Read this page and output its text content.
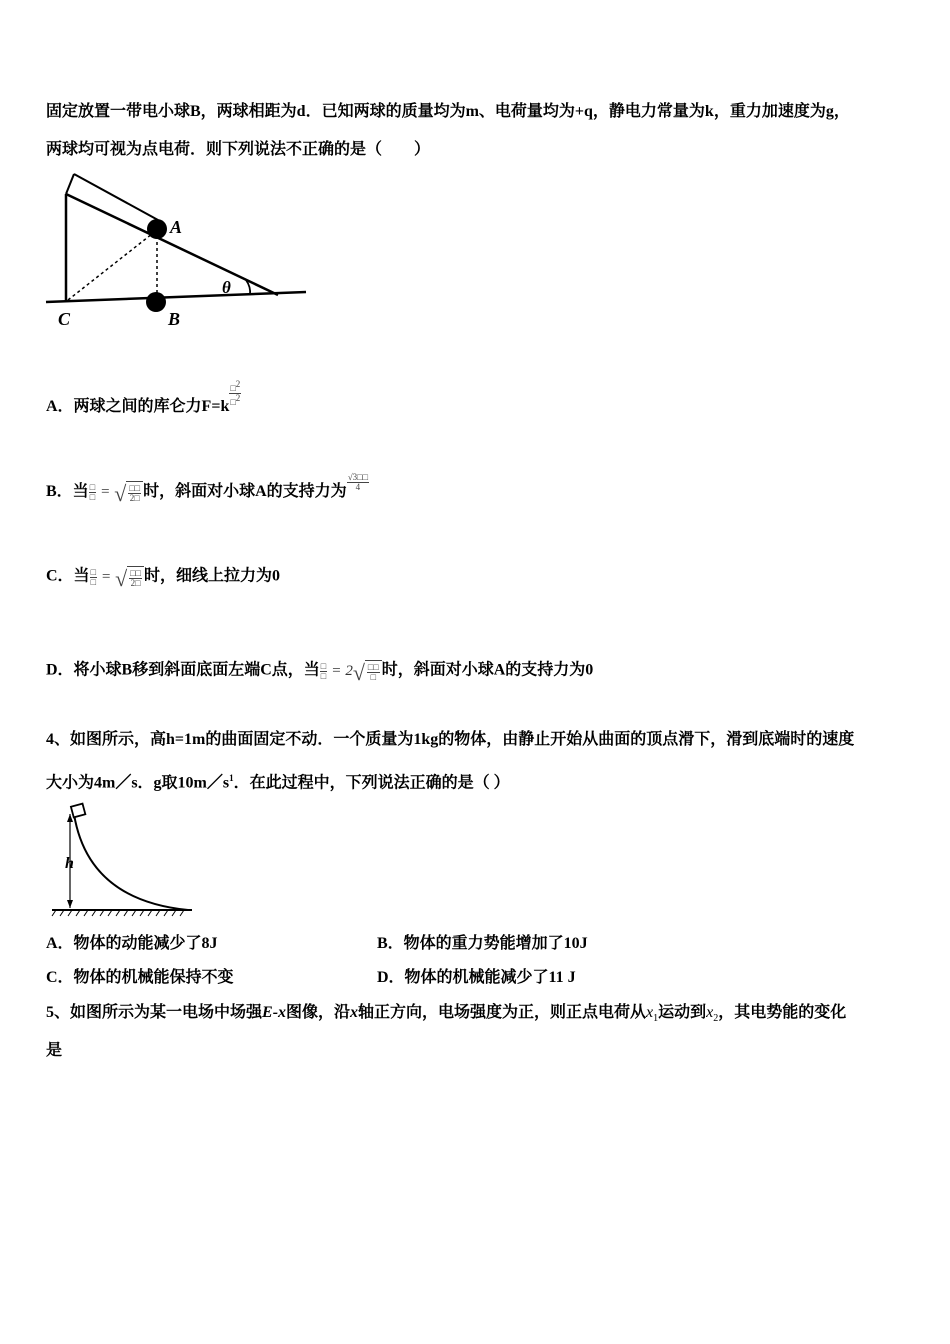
固定放置一带电小球B，两球相距为d．已知两球的质量均为m、电荷量均为+q，静电力常量为k，重力加速度为g，
两球均可视为点电荷．则下列说法不正确的是（　　）
A
B
C
θ
A．两球之间的库仑力$F=k \frac{□^2}{□^2}$
B．当 $\frac{□}{□}$ = √ $\frac{□□}{2□}$ 时，斜面对小球A的支持力为 $\frac{√3□□}{4}$
C．当 $\frac{□}{□}$ = √ $\frac{□□}{2□}$ 时，细线上拉力为0
D．将小球B移到斜面底面左端C点，当 $\frac{□}{□} = 2$ √ $\frac{□□}{□}$ 时，斜面对小球A的支持力为0
4、如图所示，高h=1m的曲面固定不动．一个质量为1kg的物体，由静止开始从曲面的顶点滑下，滑到底端时的速度
大小为4m／s．g取$10m/s^1$．在此过程中，下列说法正确的是（ ）
h
A．物体的动能减少了8J	B．物体的重力势能增加了10J
C．物体的机械能保持不变	D．物体的机械能减少了11 J
5、如图所示为某一电场中场强E-x图像，沿x轴正方向，电场强度为正，则正点电荷从$x_1$运动到$x_2$，其电势能的变化
是
